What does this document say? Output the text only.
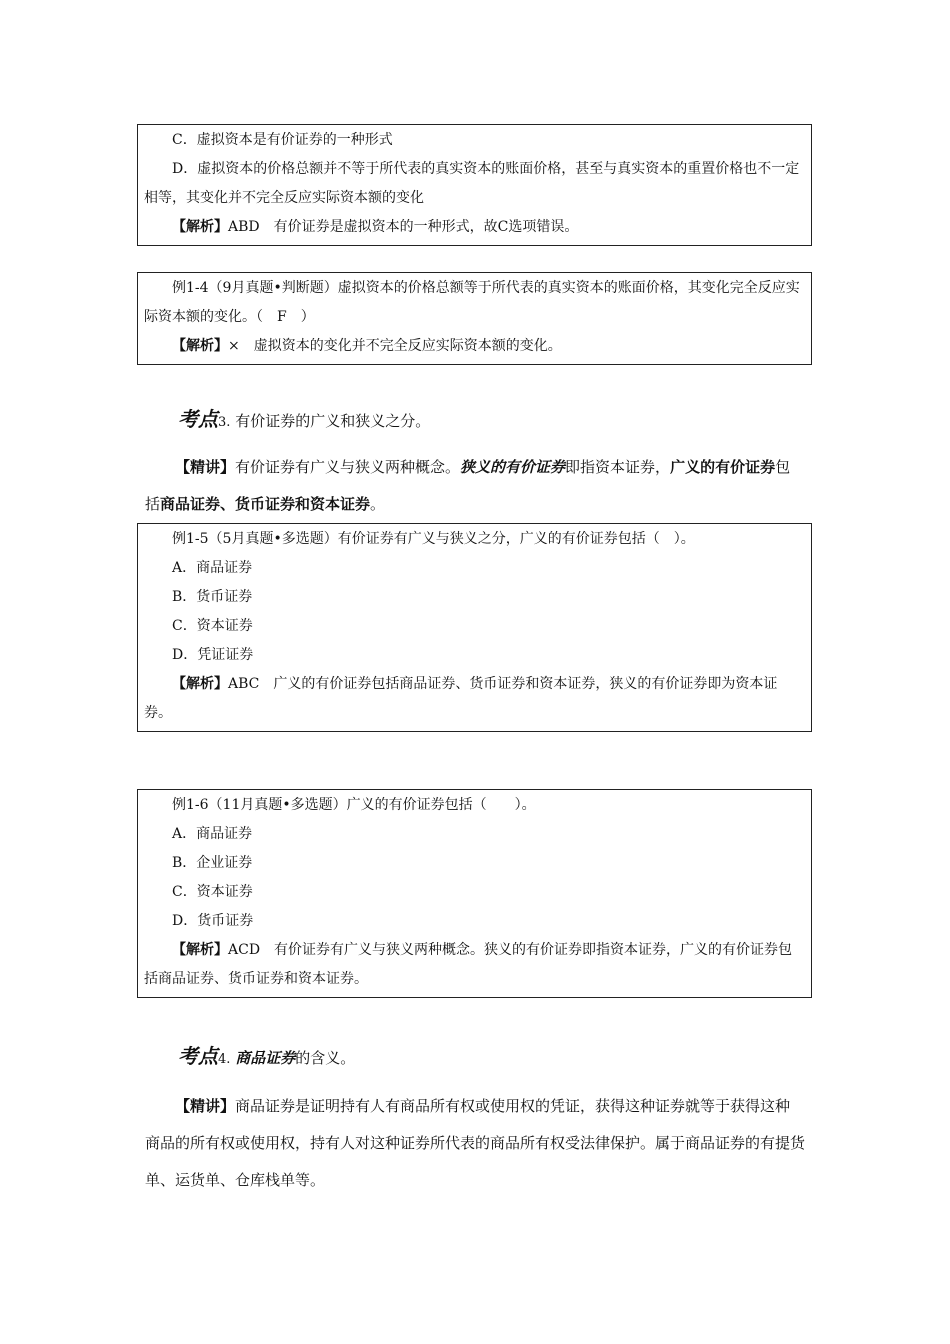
C．虚拟资本是有价证券的一种形式

D．虚拟资本的价格总额并不等于所代表的真实资本的账面价格，甚至与真实资本的重置价格也不一定相等，其变化并不完全反应实际资本额的变化

【解析】ABD　有价证券是虚拟资本的一种形式，故C选项错误。

例1-4（9月真题•判断题）虚拟资本的价格总额等于所代表的真实资本的账面价格，其变化完全反应实际资本额的变化。（　F　）

【解析】×　虚拟资本的变化并不完全反应实际资本额的变化。

考点3. 有价证券的广义和狭义之分。

【精讲】有价证券有广义与狭义两种概念。狭义的有价证券即指资本证券，广义的有价证券包括商品证券、货币证券和资本证券。

例1-5（5月真题•多选题）有价证券有广义与狭义之分，广义的有价证券包括（　）。

A．商品证券

B．货币证券

C．资本证券

D．凭证证券

【解析】ABC　广义的有价证券包括商品证券、货币证券和资本证券，狭义的有价证券即为资本证券。

例1-6（11月真题•多选题）广义的有价证券包括（　　）。

A．商品证券

B．企业证券

C．资本证券

D．货币证券

【解析】ACD　有价证券有广义与狭义两种概念。狭义的有价证券即指资本证券，广义的有价证券包括商品证券、货币证券和资本证券。

考点4. 商品证券的含义。

【精讲】商品证券是证明持有人有商品所有权或使用权的凭证，获得这种证券就等于获得这种商品的所有权或使用权，持有人对这种证券所代表的商品所有权受法律保护。属于商品证券的有提货单、运货单、仓库栈单等。
